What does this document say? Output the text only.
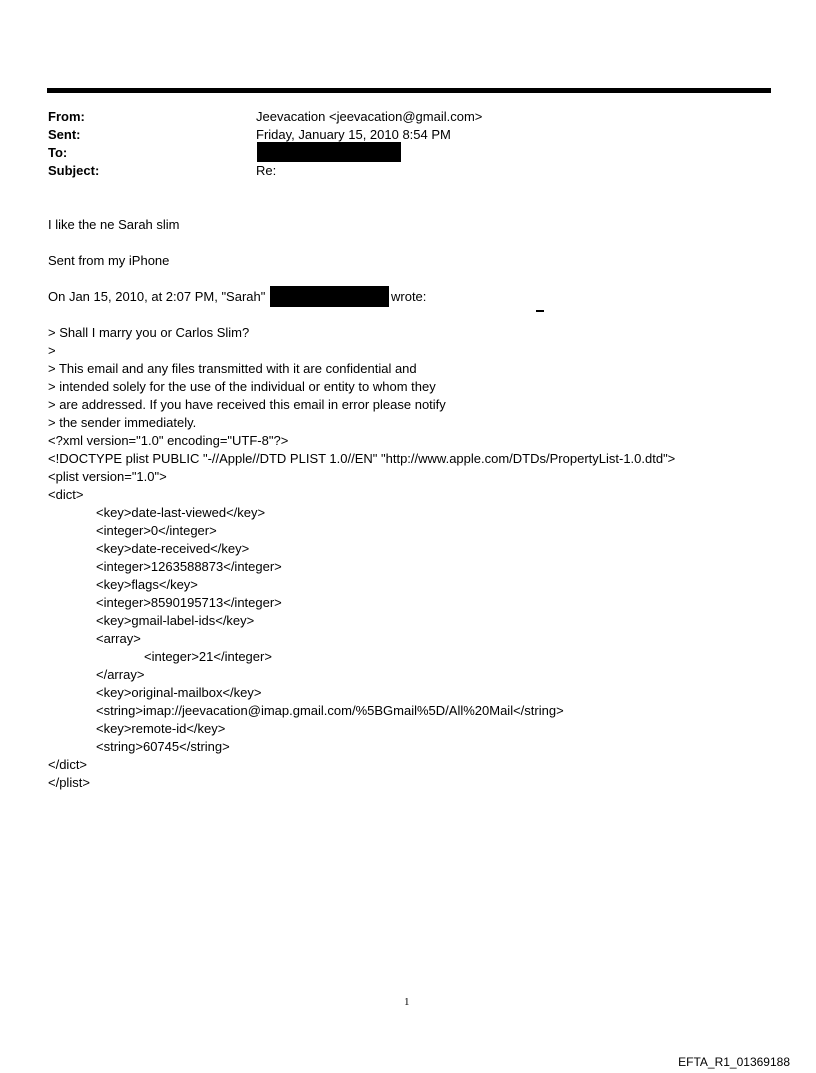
From:	Jeevacation <jeevacation@gmail.com>
Sent:	Friday, January 15, 2010 8:54 PM
To:
Subject:	Re:
I like the ne Sarah slim
Sent from my iPhone
On Jan 15, 2010, at 2:07 PM, "Sarah"	wrote:
> Shall I marry you or Carlos Slim?
>
> This email and any files transmitted with it are confidential and
> intended solely for the use of the individual or entity to whom they
> are addressed. If you have received this email in error please notify
> the sender immediately.
<?xml version="1.0" encoding="UTF-8"?>
<!DOCTYPE plist PUBLIC "-//Apple//DTD PLIST 1.0//EN" "http://www.apple.com/DTDs/PropertyList-1.0.dtd">
<plist version="1.0">
<dict>
<key>date-last-viewed</key>
<integer>0</integer>
<key>date-received</key>
<integer>1263588873</integer>
<key>flags</key>
<integer>8590195713</integer>
<key>gmail-label-ids</key>
<array>
<integer>21</integer>
</array>
<key>original-mailbox</key>
<string>imap://jeevacation@imap.gmail.com/%5BGmail%5D/All%20Mail</string>
<key>remote-id</key>
<string>60745</string>
</dict>
</plist>
1
EFTA_R1_01369188
